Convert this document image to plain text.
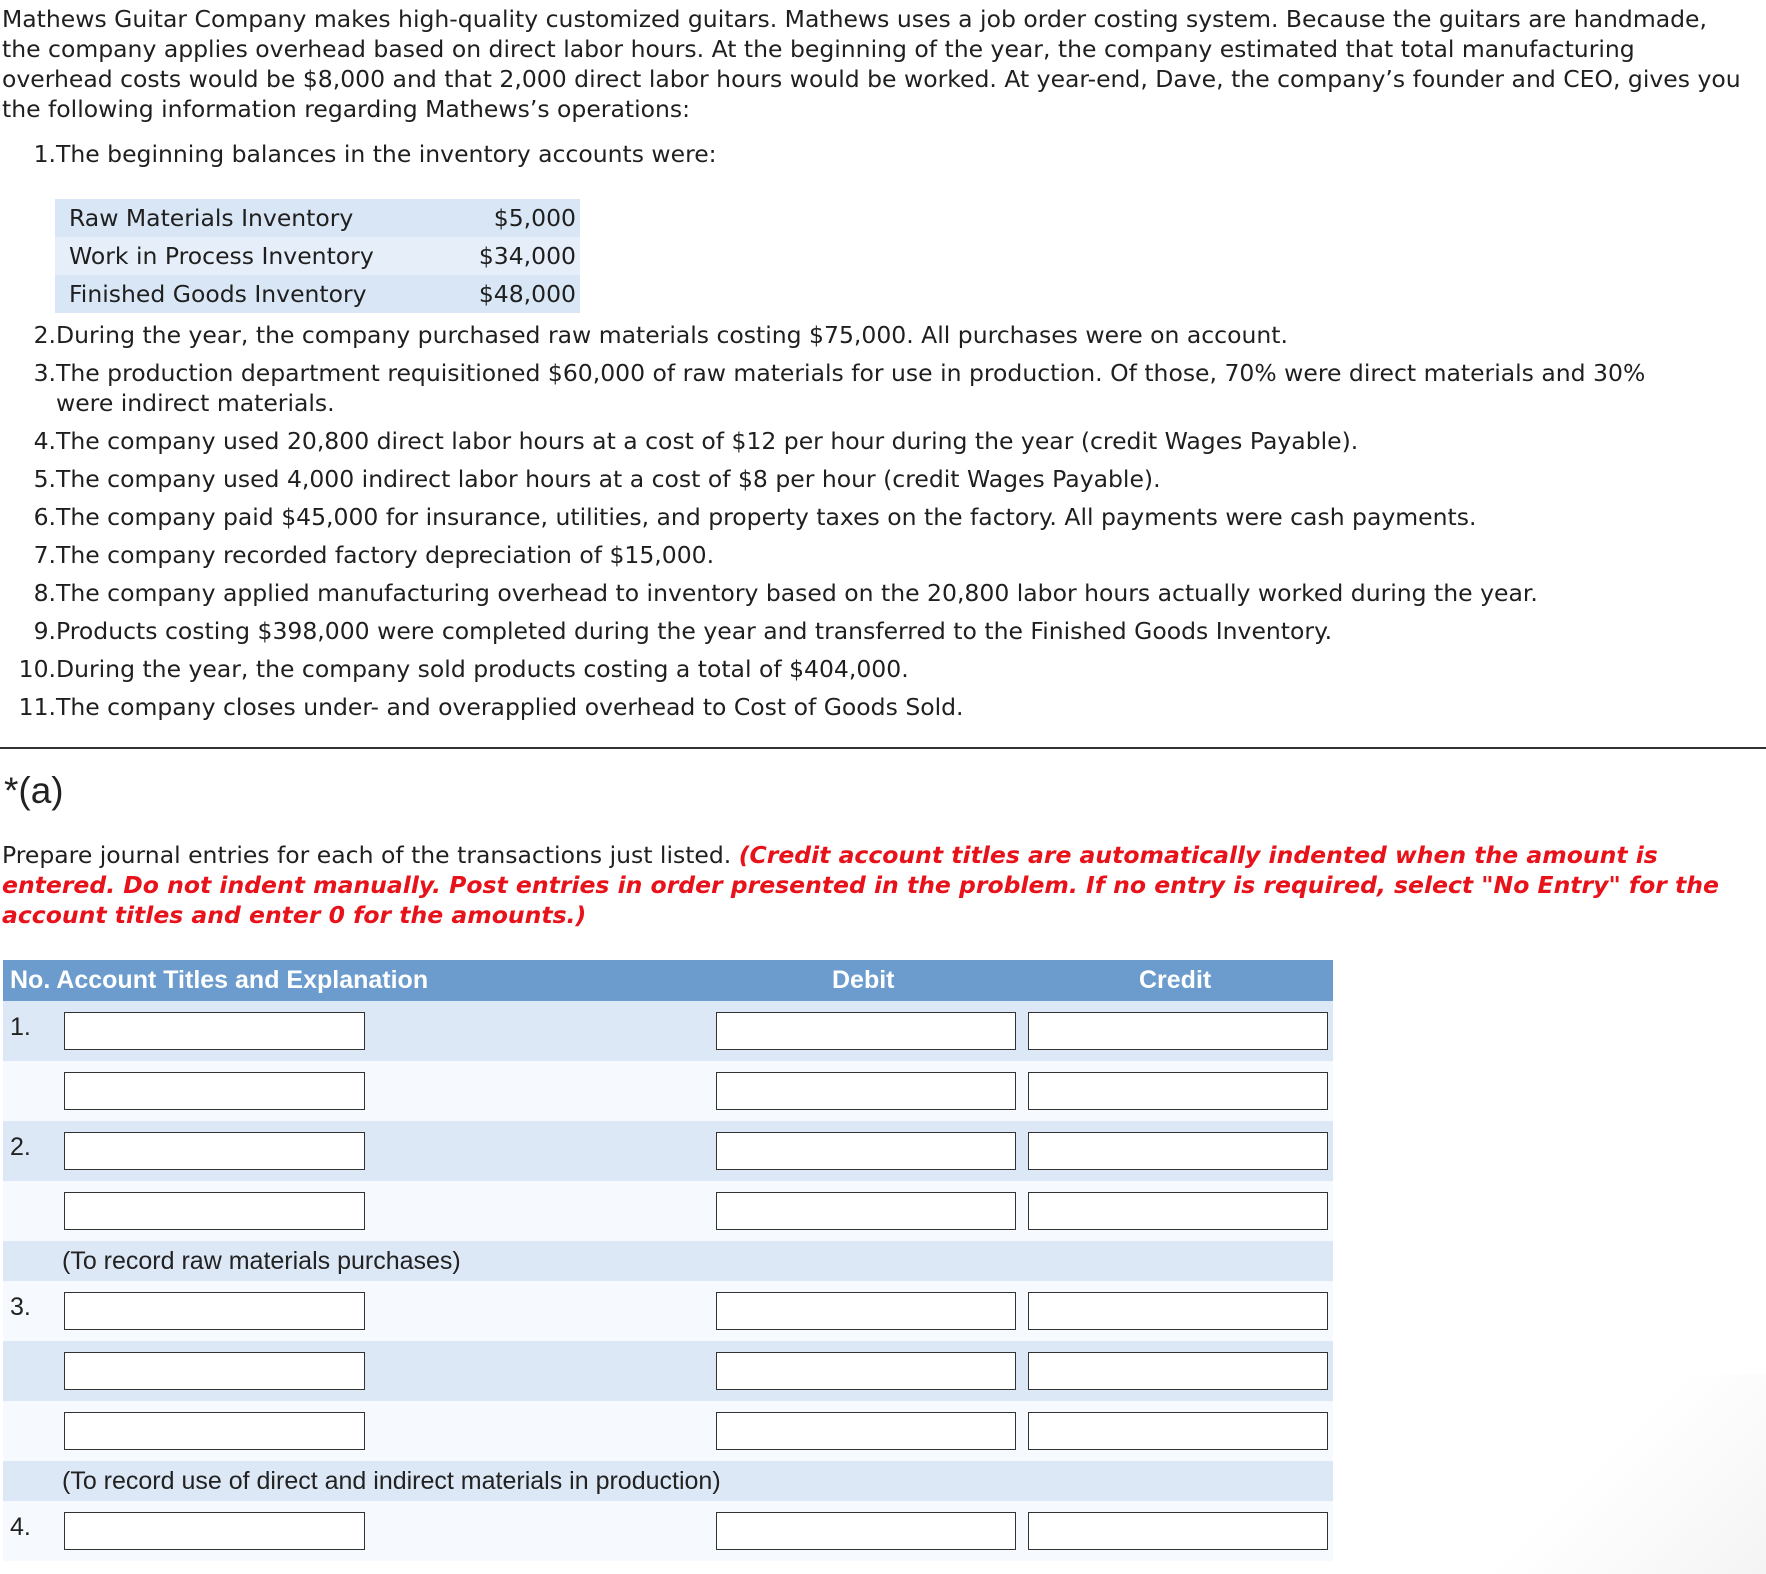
Mathews Guitar Company makes high-quality customized guitars. Mathews uses a job order costing system. Because the guitars are handmade, the company applies overhead based on direct labor hours. At the beginning of the year, the company estimated that total manufacturing overhead costs would be $8,000 and that 2,000 direct labor hours would be worked. At year-end, Dave, the company’s founder and CEO, gives you the following information regarding Mathews’s operations:

1. The beginning balances in the inventory accounts were:
Raw Materials Inventory	$5,000
Work in Process Inventory	$34,000
Finished Goods Inventory	$48,000
2. During the year, the company purchased raw materials costing $75,000. All purchases were on account.
3. The production department requisitioned $60,000 of raw materials for use in production. Of those, 70% were direct materials and 30% were indirect materials.
4. The company used 20,800 direct labor hours at a cost of $12 per hour during the year (credit Wages Payable).
5. The company used 4,000 indirect labor hours at a cost of $8 per hour (credit Wages Payable).
6. The company paid $45,000 for insurance, utilities, and property taxes on the factory. All payments were cash payments.
7. The company recorded factory depreciation of $15,000.
8. The company applied manufacturing overhead to inventory based on the 20,800 labor hours actually worked during the year.
9. Products costing $398,000 were completed during the year and transferred to the Finished Goods Inventory.
10. During the year, the company sold products costing a total of $404,000.
11. The company closes under- and overapplied overhead to Cost of Goods Sold.
*(a)
Prepare journal entries for each of the transactions just listed. (Credit account titles are automatically indented when the amount is entered. Do not indent manually. Post entries in order presented in the problem. If no entry is required, select "No Entry" for the account titles and enter 0 for the amounts.)
No. Account Titles and Explanation	Debit	Credit
1.
2.
(To record raw materials purchases)
3.
(To record use of direct and indirect materials in production)
4.
